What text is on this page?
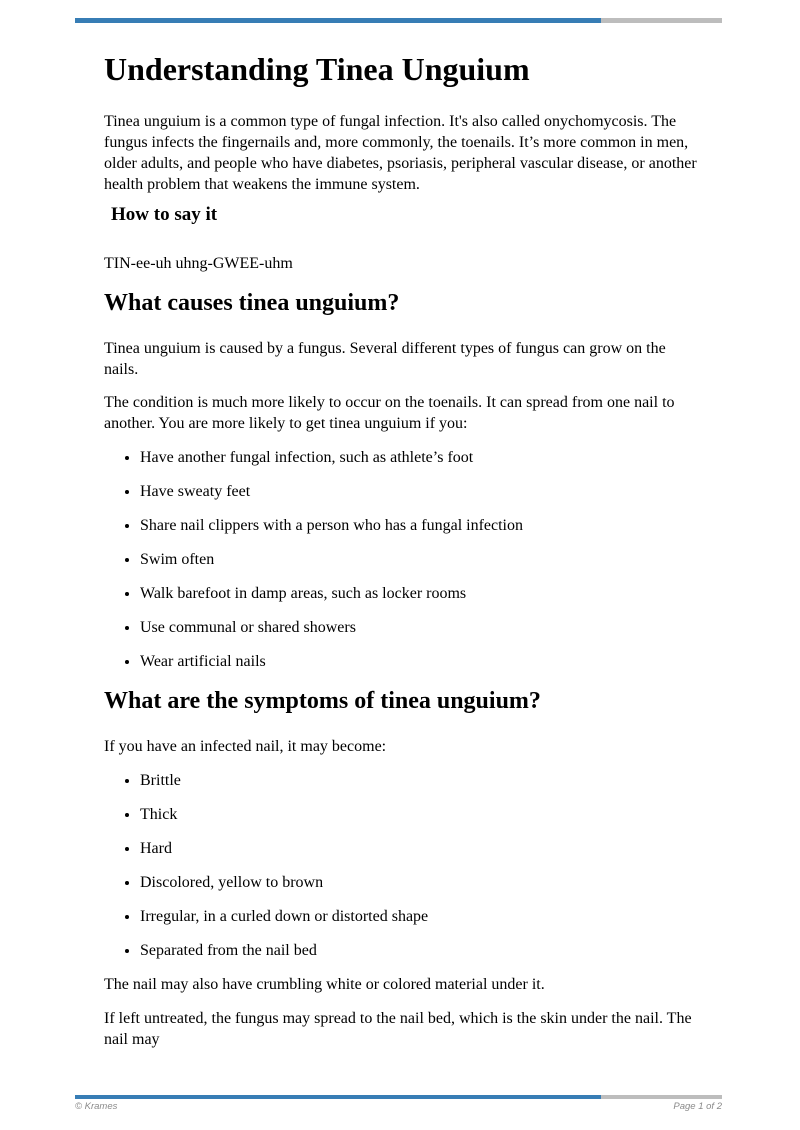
Understanding Tinea Unguium

Tinea unguium is a common type of fungal infection. It's also called onychomycosis. The fungus infects the fingernails and, more commonly, the toenails. It’s more common in men, older adults, and people who have diabetes, psoriasis, peripheral vascular disease, or another health problem that weakens the immune system.

How to say it

TIN-ee-uh uhng-GWEE-uhm

What causes tinea unguium?

Tinea unguium is caused by a fungus. Several different types of fungus can grow on the nails.

The condition is much more likely to occur on the toenails. It can spread from one nail to another. You are more likely to get tinea unguium if you:

• Have another fungal infection, such as athlete’s foot
• Have sweaty feet
• Share nail clippers with a person who has a fungal infection
• Swim often
• Walk barefoot in damp areas, such as locker rooms
• Use communal or shared showers
• Wear artificial nails
What are the symptoms of tinea unguium?

If you have an infected nail, it may become:

• Brittle
• Thick
• Hard
• Discolored, yellow to brown
• Irregular, in a curled down or distorted shape
• Separated from the nail bed

The nail may also have crumbling white or colored material under it.

If left untreated, the fungus may spread to the nail bed, which is the skin under the nail. The nail may

© Krames	Page 1 of 2
